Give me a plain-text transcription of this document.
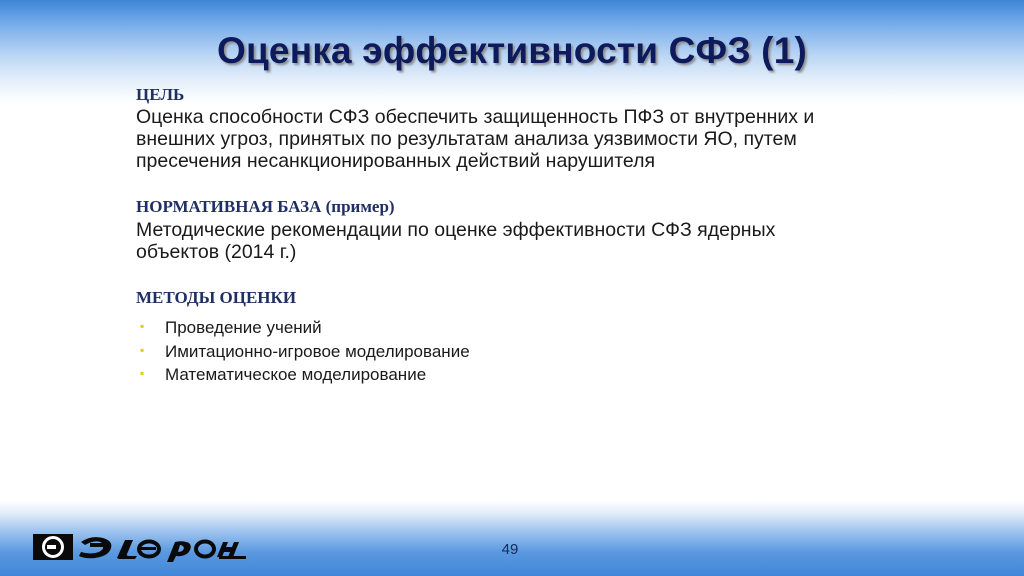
Оценка эффективности СФЗ (1)
ЦЕЛЬ
Оценка способности СФЗ обеспечить защищенность ПФЗ от внутренних и
внешних угроз, принятых по результатам анализа уязвимости ЯО, путем
пресечения несанкционированных действий нарушителя
НОРМАТИВНАЯ БАЗА (пример)
Методические рекомендации по оценке эффективности СФЗ ядерных
объектов (2014 г.)
МЕТОДЫ ОЦЕНКИ
▪ Проведение учений
▪ Имитационно-игровое моделирование
▪ Математическое моделирование
49
